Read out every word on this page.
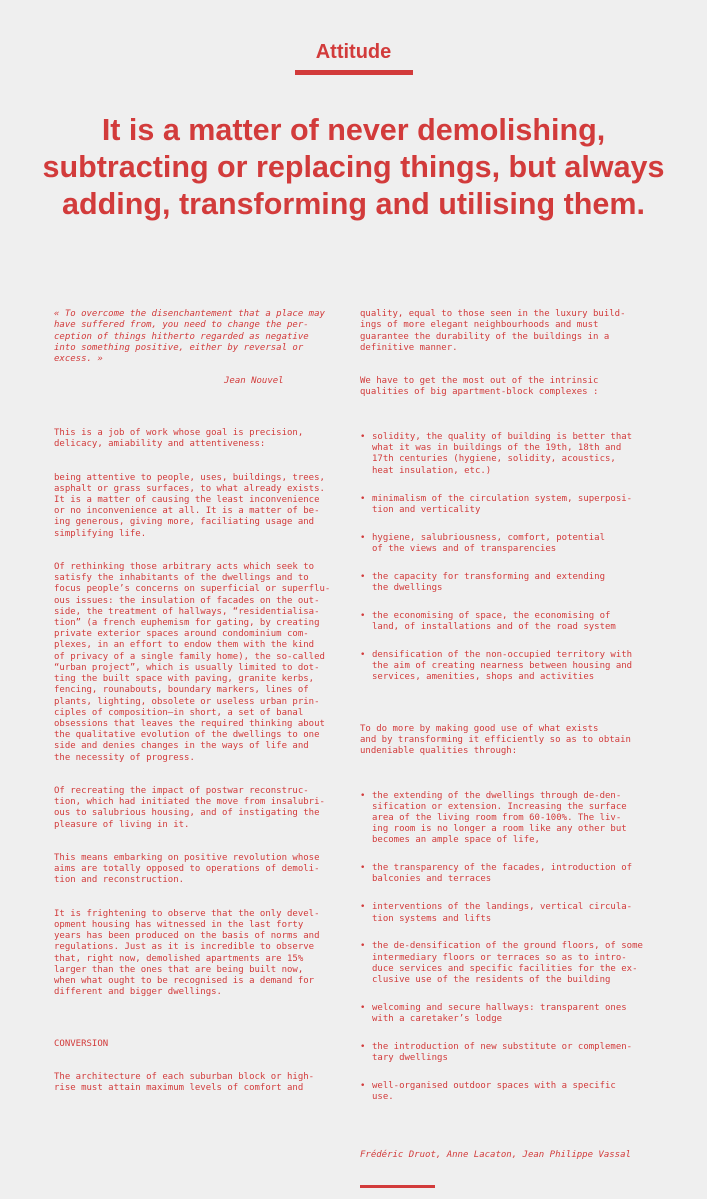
Attitude
It is a matter of never demolishing, subtracting or replacing things, but always adding, transforming and utilising them.

« To overcome the disenchantement that a place may
have suffered from, you need to change the per-
ception of things hitherto regarded as negative
into something positive, either by reversal or
excess. »

Jean Nouvel

This is a job of work whose goal is precision,
delicacy, amiability and attentiveness:

being attentive to people, uses, buildings, trees,
asphalt or grass surfaces, to what already exists.
It is a matter of causing the least inconvenience
or no inconvenience at all. It is a matter of be-
ing generous, giving more, faciliating usage and
simplifying life.

Of rethinking those arbitrary acts which seek to
satisfy the inhabitants of the dwellings and to
focus people’s concerns on superficial or superflu-
ous issues: the insulation of facades on the out-
side, the treatment of hallways, “residentialisa-
tion” (a french euphemism for gating, by creating
private exterior spaces around condominium com-
plexes, in an effort to endow them with the kind
of privacy of a single family home), the so-called
“urban project”, which is usually limited to dot-
ting the built space with paving, granite kerbs,
fencing, rounabouts, boundary markers, lines of
plants, lighting, obsolete or useless urban prin-
ciples of composition—in short, a set of banal
obsessions that leaves the required thinking about
the qualitative evolution of the dwellings to one
side and denies changes in the ways of life and
the necessity of progress.

Of recreating the impact of postwar reconstruc-
tion, which had initiated the move from insalubri-
ous to salubrious housing, and of instigating the
pleasure of living in it.

This means embarking on positive revolution whose
aims are totally opposed to operations of demoli-
tion and reconstruction.

It is frightening to observe that the only devel-
opment housing has witnessed in the last forty
years has been produced on the basis of norms and
regulations. Just as it is incredible to observe
that, right now, demolished apartments are 15%
larger than the ones that are being built now,
when what ought to be recognised is a demand for
different and bigger dwellings.

CONVERSION

The architecture of each suburban block or high-
rise must attain maximum levels of comfort and

quality, equal to those seen in the luxury build-
ings of more elegant neighbourhoods and must
guarantee the durability of the buildings in a
definitive manner.

We have to get the most out of the intrinsic
qualities of big apartment-block complexes :

• solidity, the quality of building is better that
what it was in buildings of the 19th, 18th and
17th centuries (hygiene, solidity, acoustics,
heat insulation, etc.)

• minimalism of the circulation system, superposi-
tion and verticality

• hygiene, salubriousness, comfort, potential
of the views and of transparencies

• the capacity for transforming and extending
the dwellings

• the economising of space, the economising of
land, of installations and of the road system

• densification of the non-occupied territory with
the aim of creating nearness between housing and
services, amenities, shops and activities

To do more by making good use of what exists
and by transforming it efficiently so as to obtain
undeniable qualities through:

• the extending of the dwellings through de-den-
sification or extension. Increasing the surface
area of the living room from 60-100%. The liv-
ing room is no longer a room like any other but
becomes an ample space of life,

• the transparency of the facades, introduction of
balconies and terraces

• interventions of the landings, vertical circula-
tion systems and lifts

• the de-densification of the ground floors, of some
intermediary floors or terraces so as to intro-
duce services and specific facilities for the ex-
clusive use of the residents of the building

• welcoming and secure hallways: transparent ones
with a caretaker’s lodge

• the introduction of new substitute or complemen-
tary dwellings

• well-organised outdoor spaces with a specific
use.

Frédéric Druot, Anne Lacaton, Jean Philippe Vassal
